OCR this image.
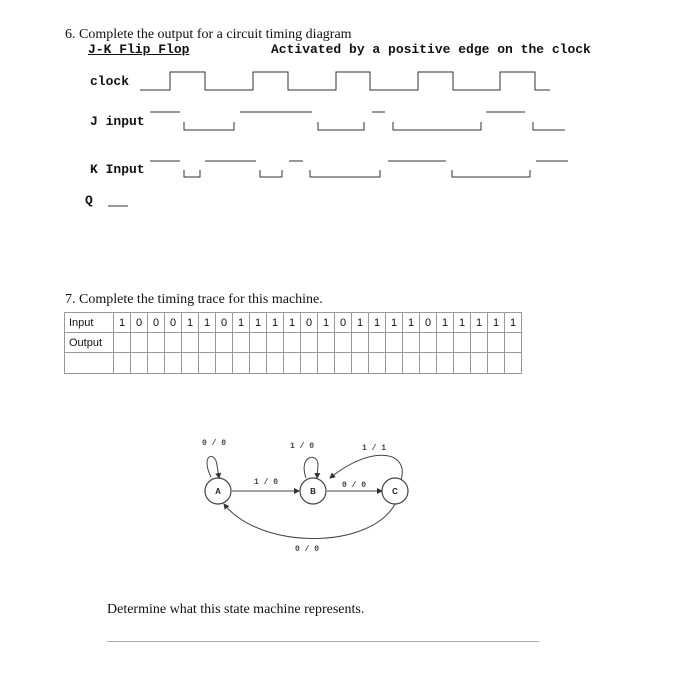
6. Complete the output for a circuit timing diagram
J-K Flip Flop	Activated by a positive edge on the clock
clock
J input
K Input
Q
7. Complete the timing trace for this machine.
Input	1	0	0	0	1	1	0	1	1	1	1	0	1	0	1	1	1	1	0	1	1	1	1	1
Output																								

A	B	C
0 / 0
1 / 0
1 / 0
0 / 0
1 / 1
0 / 0
Determine what this state machine represents.
